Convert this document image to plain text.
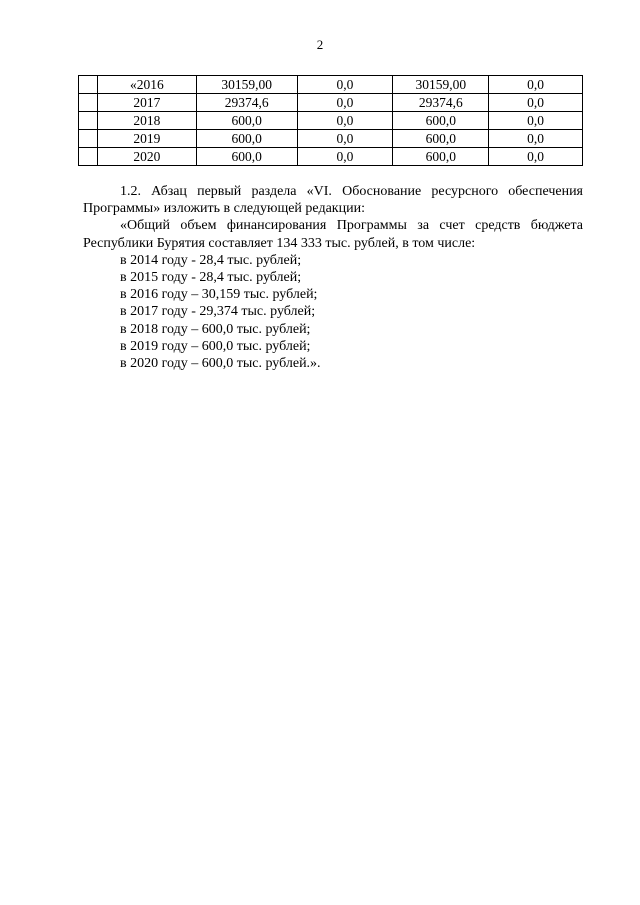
2
	«2016	30159,00	0,0	30159,00	0,0
	2017	29374,6	0,0	29374,6	0,0
	2018	600,0	0,0	600,0	0,0
	2019	600,0	0,0	600,0	0,0
	2020	600,0	0,0	600,0	0,0

1.2. Абзац первый раздела «VI. Обоснование ресурсного обеспечения Программы» изложить в следующей редакции:

«Общий объем финансирования Программы за счет средств бюджета Республики Бурятия составляет 134 333 тыс. рублей, в том числе:

в 2014 году - 28,4 тыс. рублей;

в 2015 году - 28,4 тыс. рублей;

в 2016 году – 30,159 тыс. рублей;

в 2017 году - 29,374 тыс. рублей;

в 2018 году – 600,0 тыс. рублей;

в 2019 году – 600,0 тыс. рублей;

в 2020 году – 600,0 тыс. рублей.».
